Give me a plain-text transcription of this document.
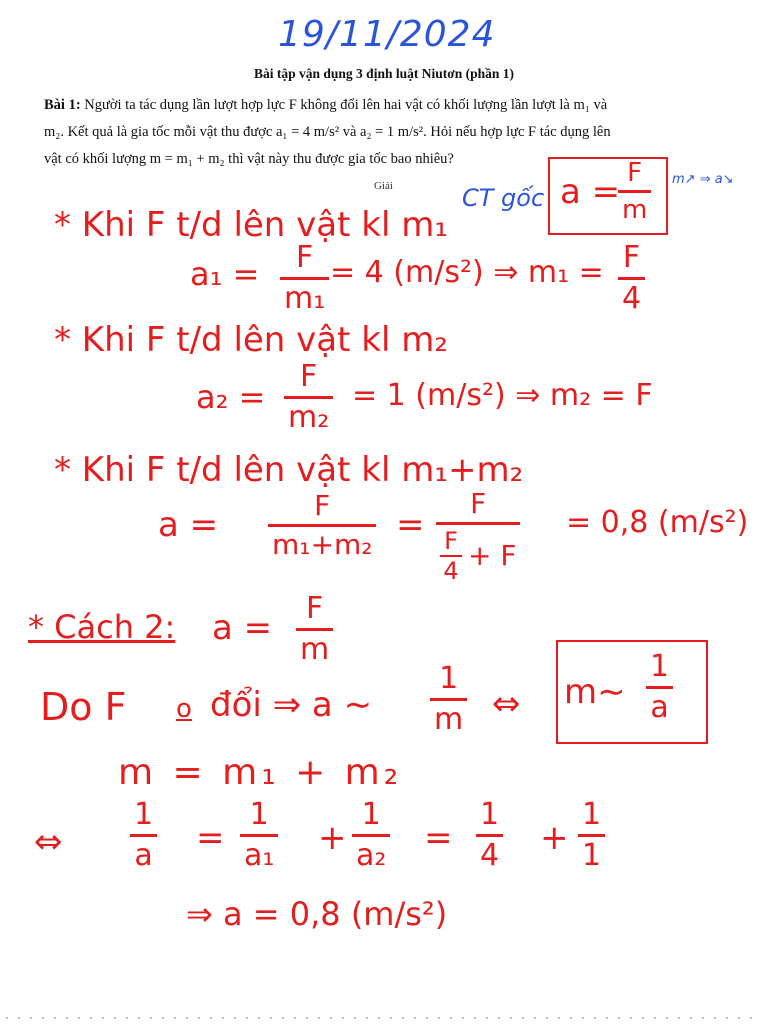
19/11/2024
Bài tập vận dụng 3 định luật Niutơn (phần 1)
Bài 1: Người ta tác dụng lần lượt hợp lực F không đổi lên hai vật có khối lượng lần lượt là m₁ và
m₂. Kết quả là gia tốc mỗi vật thu được a₁ = 4 m/s² và a₂ = 1 m/s². Hỏi nếu hợp lực F tác dụng lên
vật có khối lượng m = m₁ + m₂ thì vật này thu được gia tốc bao nhiêu?
Giải	CT gốc a = F
m
m↗ ⇒ a↘
* Khi F t/d lên vật kl m₁
a₁ = F
m₁
= 4 (m/s²) ⇒ m₁ = F
4
* Khi F t/d lên vật kl m₂
a₂ =
F
m₂
= 1 (m/s²) ⇒ m₂ = F
* Khi F t/d lên vật kl m₁+m₂
a =	F
m₁+m₂ =
F
F
4 + F
= 0,8 (m/s²)
* Cách 2: a = F
m
Do F o đổi ⇒ a ∼
1
m ⇔ m∼
1
a
m = m₁ + m₂
⇔
1
a =
1
a₁ +
1
a₂ =
1
4 +
1
1
⇒ a = 0,8 (m/s²)
